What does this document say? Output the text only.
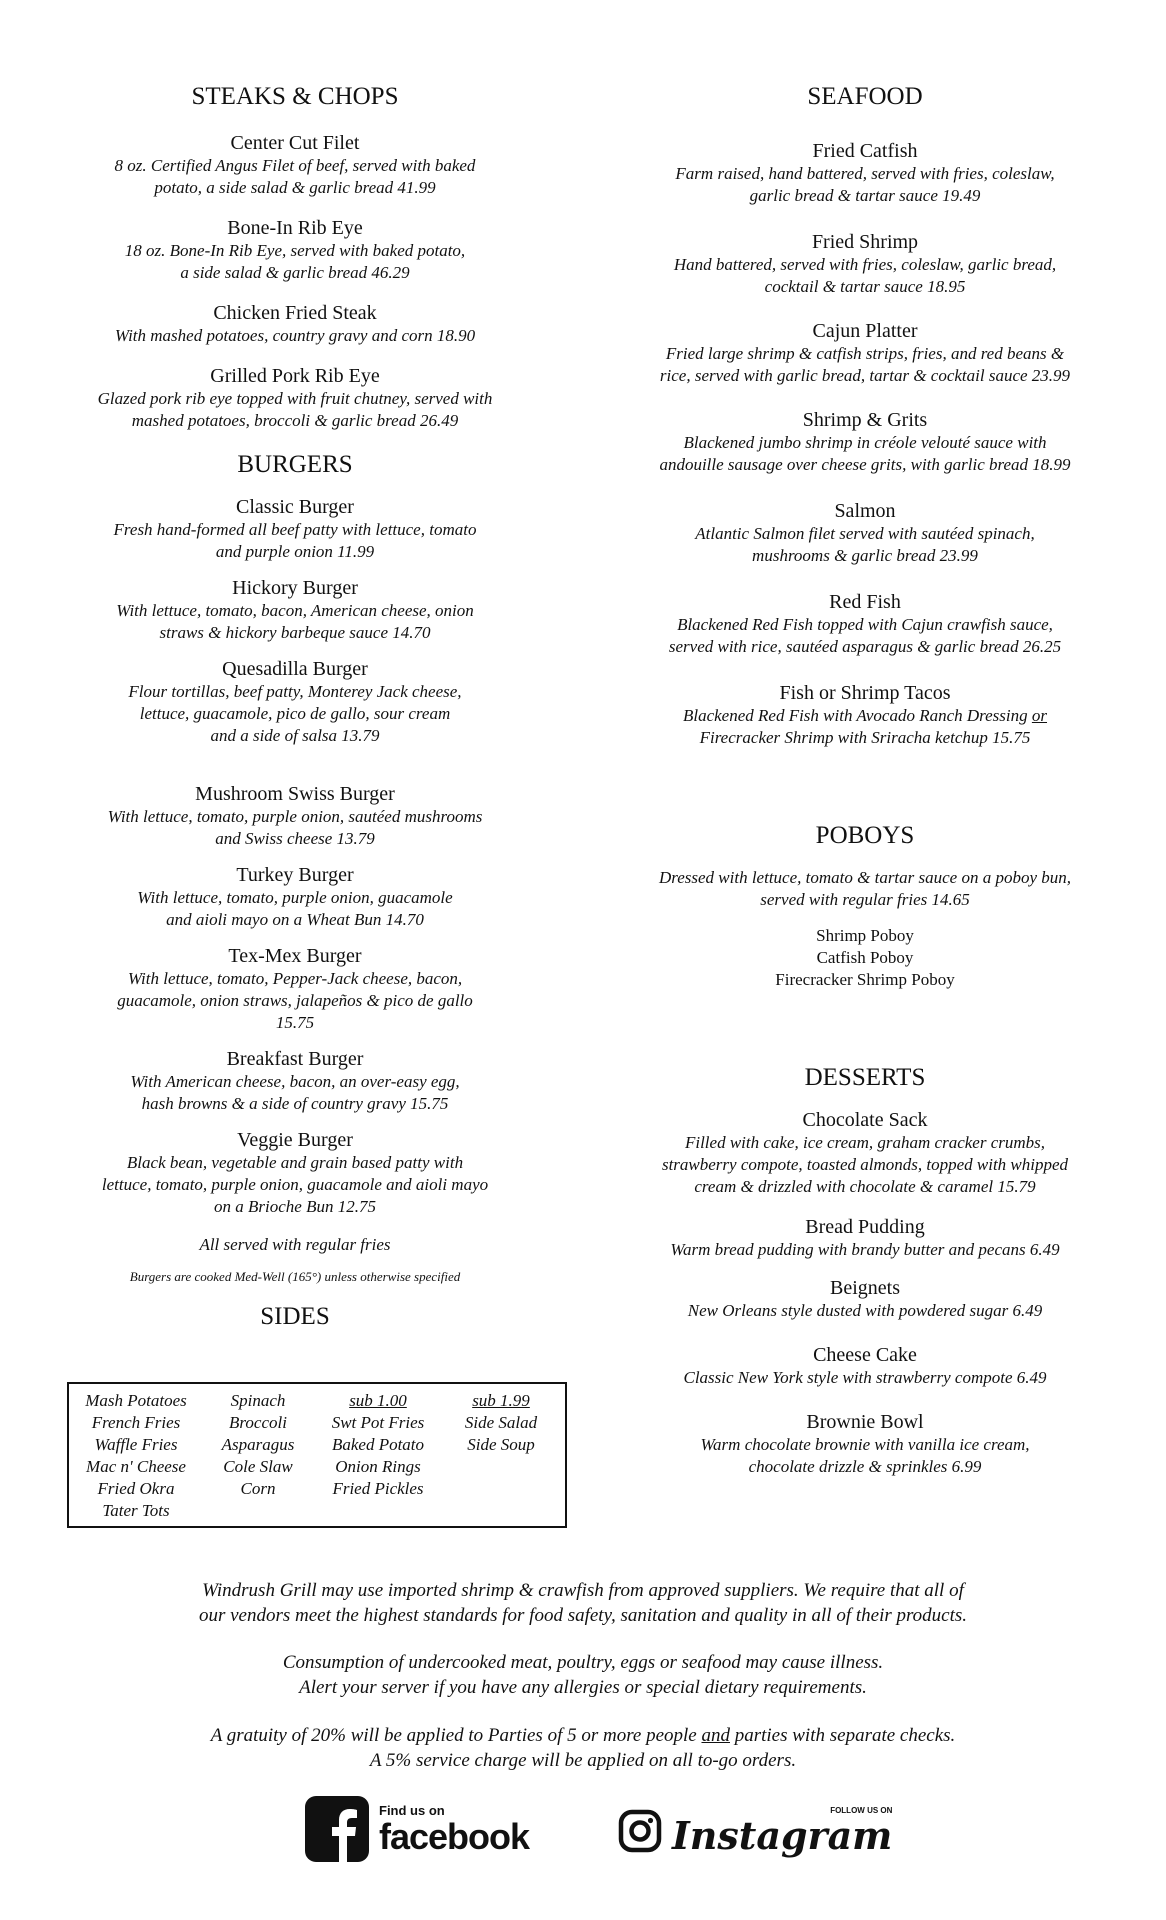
STEAKS & CHOPS
Center Cut Filet
8 oz. Certified Angus Filet of beef, served with baked
potato, a side salad & garlic bread 41.99
Bone-In Rib Eye
18 oz. Bone-In Rib Eye, served with baked potato,
a side salad & garlic bread 46.29
Chicken Fried Steak
With mashed potatoes, country gravy and corn 18.90
Grilled Pork Rib Eye
Glazed pork rib eye topped with fruit chutney, served with
mashed potatoes, broccoli & garlic bread 26.49
BURGERS
Classic Burger
Fresh hand-formed all beef patty with lettuce, tomato
and purple onion 11.99
Hickory Burger
With lettuce, tomato, bacon, American cheese, onion
straws & hickory barbeque sauce 14.70
Quesadilla Burger
Flour tortillas, beef patty, Monterey Jack cheese,
lettuce, guacamole, pico de gallo, sour cream
and a side of salsa 13.79
Mushroom Swiss Burger
With lettuce, tomato, purple onion, sautéed mushrooms
and Swiss cheese 13.79
Turkey Burger
With lettuce, tomato, purple onion, guacamole
and aioli mayo on a Wheat Bun 14.70
Tex-Mex Burger
With lettuce, tomato, Pepper-Jack cheese, bacon,
guacamole, onion straws, jalapeños & pico de gallo
15.75
Breakfast Burger
With American cheese, bacon, an over-easy egg,
hash browns & a side of country gravy 15.75
Veggie Burger
Black bean, vegetable and grain based patty with
lettuce, tomato, purple onion, guacamole and aioli mayo
on a Brioche Bun 12.75
All served with regular fries
Burgers are cooked Med-Well (165°) unless otherwise specified
SIDES
Mash Potatoes
French Fries
Waffle Fries
Mac n' Cheese
Fried Okra
Tater Tots
Spinach
Broccoli
Asparagus
Cole Slaw
Corn
sub 1.00
Swt Pot Fries
Baked Potato
Onion Rings
Fried Pickles
sub 1.99
Side Salad
Side Soup
SEAFOOD
Fried Catfish
Farm raised, hand battered, served with fries, coleslaw,
garlic bread & tartar sauce 19.49
Fried Shrimp
Hand battered, served with fries, coleslaw, garlic bread,
cocktail & tartar sauce 18.95
Cajun Platter
Fried large shrimp & catfish strips, fries, and red beans &
rice, served with garlic bread, tartar & cocktail sauce 23.99
Shrimp & Grits
Blackened jumbo shrimp in créole velouté sauce with
andouille sausage over cheese grits, with garlic bread 18.99
Salmon
Atlantic Salmon filet served with sautéed spinach,
mushrooms & garlic bread 23.99
Red Fish
Blackened Red Fish topped with Cajun crawfish sauce,
served with rice, sautéed asparagus & garlic bread 26.25
Fish or Shrimp Tacos
Blackened Red Fish with Avocado Ranch Dressing or
Firecracker Shrimp with Sriracha ketchup 15.75
POBOYS
Dressed with lettuce, tomato & tartar sauce on a poboy bun,
served with regular fries 14.65
Shrimp Poboy
Catfish Poboy
Firecracker Shrimp Poboy
DESSERTS
Chocolate Sack
Filled with cake, ice cream, graham cracker crumbs,
strawberry compote, toasted almonds, topped with whipped
cream & drizzled with chocolate & caramel 15.79
Bread Pudding
Warm bread pudding with brandy butter and pecans 6.49
Beignets
New Orleans style dusted with powdered sugar 6.49
Cheese Cake
Classic New York style with strawberry compote 6.49
Brownie Bowl
Warm chocolate brownie with vanilla ice cream,
chocolate drizzle & sprinkles 6.99
Windrush Grill may use imported shrimp & crawfish from approved suppliers. We require that all of
our vendors meet the highest standards for food safety, sanitation and quality in all of their products.
Consumption of undercooked meat, poultry, eggs or seafood may cause illness.
Alert your server if you have any allergies or special dietary requirements.
A gratuity of 20% will be applied to Parties of 5 or more people and parties with separate checks.
A 5% service charge will be applied on all to-go orders.
Find us on
facebook
FOLLOW US ON
Instagram
